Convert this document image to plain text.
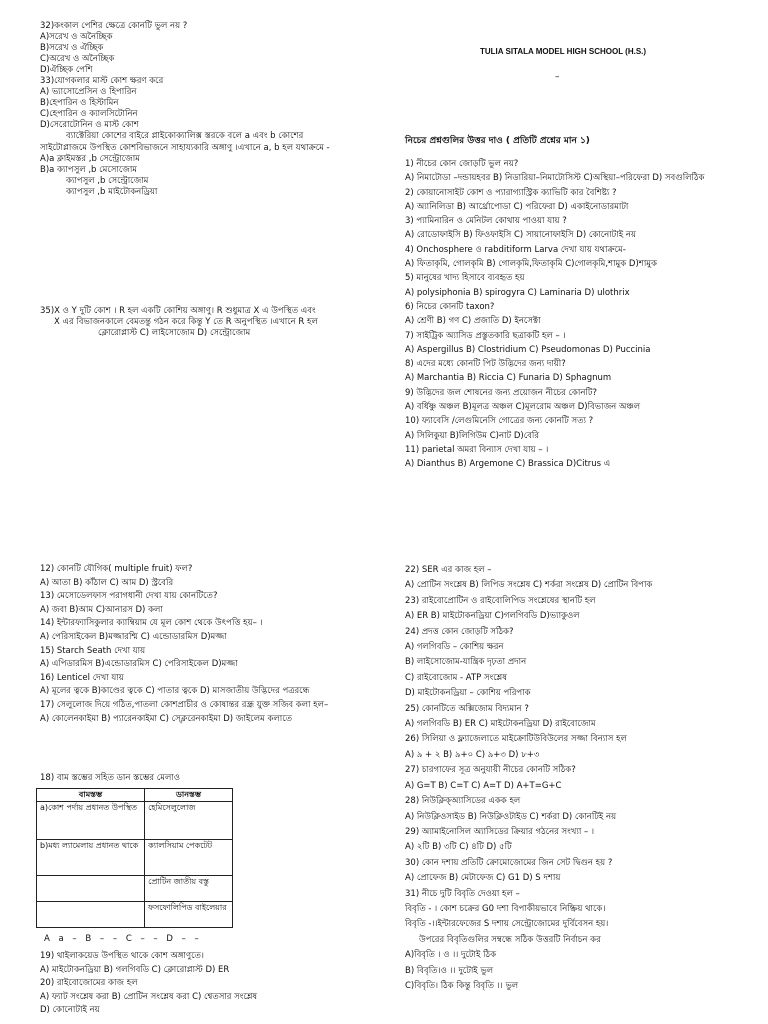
TULIA SITALA MODEL HIGH SCHOOL (H.S.)
–
নিচের প্রশ্নগুলির উত্তর দাও ( প্রতিটি প্রশ্নের মান ১)
32)কংকাল পেশির ক্ষেত্রে কোনটি ভুল নয় ?
A)সরেখ ও অনৈচ্ছিক
B)সরেখ ও ঐচ্ছিক
C)অরেখ ও অনৈচ্ছিক
D)ঐচ্ছিক পেশি
33)যোগকলার মাস্ট কোশ ক্ষরণ করে
A) ভ্যাসোপ্রেসিন ও হিপারিন
B)হেপারিন ও হিস্টামিন
C)হেপারিন ও ক্যালসিটোনিন
D)সেরোটোনিন ও মাস্ট কোশ
ব্যাক্টেরিয়া কোশের বাইরে প্লাইকোক্যালিক্স স্তরকে বলে a এবং b কোশের
সাইটোপ্লাজমে উপস্থিত কোশবিভাজনে সাহায্যকারি অঙ্গাণু ।এখানে a, b হল যথাক্রমে -
A)a ক্লাইমস্তর ,b সেন্ট্রোজোম
B)a ক্যাপসুল ,b মেসোজোম
ক্যাপসুল ,b সেন্ট্রোজোম
ক্যাপসুল ,b মাইটোকনড্রিয়া
35)X ও Y দুটি কোশ । R হল একটি কোশিয় অঙ্গাণু। R শুধুমাত্র X এ উপস্থিত এবং
X এর বিভাজনকালে বেমতন্তু গঠন করে কিন্তু Y তে R অনুপস্থিত ।এখানে R হল
ক্লোরোপ্লাস্ট C) লাইসোজোম D) সেন্ট্রোজোম
1) নীচের কোন জোড়টি ভুল নয়?
A) নিমাটোডা –দন্ডায়হবর B) নিডারিয়া–নিমাটোসিস্ট C)অস্থিয়া–পরিফেরা D) সবগুলিঠিক
2) কোয়ানোসাইট কোশ ও প্যারাগ্যাস্ট্রিক ক্যাভিটি কার বৈশিষ্ট্য ?
A) অ্যানিলিডা B) আর্থ্রোপোডা C) পরিফেরা D) একাইনোডারমাটা
3) প্যামিনারিন ও মেনিটল কোথায় পাওয়া যায় ?
A) রোডোফাইসি B) ফিওফাইসি C) সায়ানোফাইসি D) কোনোটাই নয়
4) Onchosphere ও rabditiform Larva দেখা যায় যথাক্রমে-
A) ফিতাকৃমি, গোলকৃমি B) গোলকৃমি,ফিতাকৃমি C)গোলকৃমি,শামুক D)শামুক
5) মানুষের খাদ্য হিসাবে ব্যবহৃত হয়
A) polysiphonia B) spirogyra C) Laminaria D) ulothrix
6) নিচের কোনটি taxon?
A) শ্রেণী B) গণ C) প্রজাতি D) ইনসেক্টা
7) সাইট্রিক অ্যাসিড প্রস্তুতকারি ছত্রাকটি হল – ।
A) Aspergillus B) Clostridium C) Pseudomonas D) Puccinia
8) এদের মধ্যে কোনটি পিট উদ্ভিদের জন্য দায়ী?
A) Marchantia B) Riccia C) Funaria D) Sphagnum
9) উদ্ভিদের জল শোষনের জন্য প্রয়োজন নীচের কোনটি?
A) বর্ধিষ্ণু অঞ্চল B)মূলত্র অঞ্চল C)মূলরোম অঞ্চল D)বিভাজন অঞ্চল
10) ফ্যাবেসি /লেগুমিনেসি গোত্রের জন্য কোনটি সত্য ?
A) সিলিকুয়া B)লিগিউম C)নাট D)বেরি
11) parietal অমরা বিন্যাস দেখা যায় – ।
A) Dianthus B) Argemone C) Brassica D)Citrus এ
12) কোনটি যৌগিক( multiple fruit) ফল?
A) আতা B) কাঁঠাল C) আম D) স্ট্রবেরি
13) মেসোডেলফাস পরাগধানী দেখা যায় কোনটিতে?
A) জবা B)আম C)আনারস D) কলা
14) ইন্টারফ্যাসিকুলার ক্যাম্বিয়াম যে মূল কোশ থেকে উৎপত্তি হয়– ।
A) পেরিসাইকেল B)মজ্জারশ্মি C) এন্ডোডারমিস D)মজ্জা
15) Starch Seath দেখা যায়
A) এপিডারমিস B)এন্ডোডারমিস C) পেরিসাইকেল D)মজ্জা
16) Lenticel দেখা যায়
A) মূলের ত্বকে B)কাণ্ডের ত্বকে C) পাতার ত্বকে D) মাসজাতীয় উদ্ভিদের পত্ররন্ধে
17) সেলুলোজ দিয়ে গঠিত,পাতলা কোশপ্রাচীর ও কোষান্তর রন্ধ্র যুক্ত সজিব কলা হল–
A) কোলেনকাইমা B) প্যারেনকাইমা C) স্ক্লেরেনকাইমা D) জাইলেম কলাতে
18) বাম স্তম্ভের সহিত ডান স্তম্ভের মেলাও
বামস্তম্ভ	ডানস্তম্ভ
a)কোশ পর্দায় প্রধানত উপস্থিত	হেমিসেলুলোজ
b)মধ্য ল্যামেলায় প্রধানত থাকে	ক্যালসিয়াম পেকটেট
	প্রোটিন জাতীয় বস্তু
	ফসফোলিপিড বাইলেয়ার
A a – B – – C – – D – –
19) থাইলাকয়েড উপস্থিত থাকে কোশ অঙ্গাণুতে।
A) মাইটোকনড্রিয়া B) গলগিবডি C) ক্লোরোপ্লাস্ট D) ER
20) রাইবোজোমের কাজ হল
A) ফ্যাট সংশ্লেষ করা B) প্রোটিন সংশ্লেষ করা C) শ্বেতসার সংশ্লেষ
D) কোনোটাই নয়
22) SER এর কাজ হল –
A) প্রোটিন সংশ্লেষ B) লিপিড সংশ্লেষ C) শর্করা সংশ্লেষ D) প্রোটিন বিপাক
23) রাইবোপ্রোটিন ও রাইবোলিপিড সংশ্লেষের স্থানটি হল
A) ER B) মাইটোকনড্রিয়া C)গলগিবডি D)ভ্যাকুওল
24) প্রদত্ত কোন জোড়টি সঠিক?
A) গলগিবডি – কোশিয় ক্ষরন
B) লাইসোজোম-যান্ত্রিক দৃঢ়তা প্রদান
C) রাইবোজোম - ATP সংশ্লেষ
D) মাইটোকনড্রিয়া – কোশিয় পরিপাক
25) কোনটিতে অক্সিজোম বিদ্যমান ?
A) গলগিবডি B) ER C) মাইটোকনড্রিয়া D) রাইবোজোম
26) সিলিয়া ও ফ্ল্যাজেলাতে মাইক্রোটিউবিউলের সজ্জা বিন্যাস হল
A) ৯ + ২ B) ৯+০ C) ৯+৩ D) ৮+৩
27) চারগাফের সূত্র অনুযায়ী নীচের কোনটি সঠিক?
A) G=T B) C=T C) A=T D) A+T=G+C
28) নিউক্লিক্অ্যাসিডের একক হল
A) নিউক্লিওসাইড B) নিউক্লিওটাইড C) শর্করা D) কোনটিই নয়
29) অ্যামাইনোসিল অ্যাসিডের ক্রিয়ার গঠনের সংখ্যা – ।
A) ২টি B) ৩টি C) ৪টি D) ৫টি
30) কোন দশায় প্রতিটি ক্রোমোজোমের জিন সেট দ্বিগুন হয় ?
A) প্রোফেজ B) মেটাফেজ C) G1 D) S দশায়
31) নীচে দুটি বিবৃতি দেওয়া হল –
বিবৃতি - । কোশ চক্রের G0 দশা বিপাকীয়ভাবে নিষ্ক্রিয় থাকে।
বিবৃতি -।।ইন্টারফেজের S দশায় সেন্ট্রোজোমের দুর্বিবেসন হয়।
উপরের বিবৃতিগুলির সম্বন্ধে সঠিক উত্তরটি নির্বাচন কর
A)বিবৃতি । ও ।। দুটোই ঠিক
B) বিবৃতি।ও ।। দুটোই ভুল
C)বিবৃতি। ঠিক কিন্তু বিবৃতি ।। ভুল
